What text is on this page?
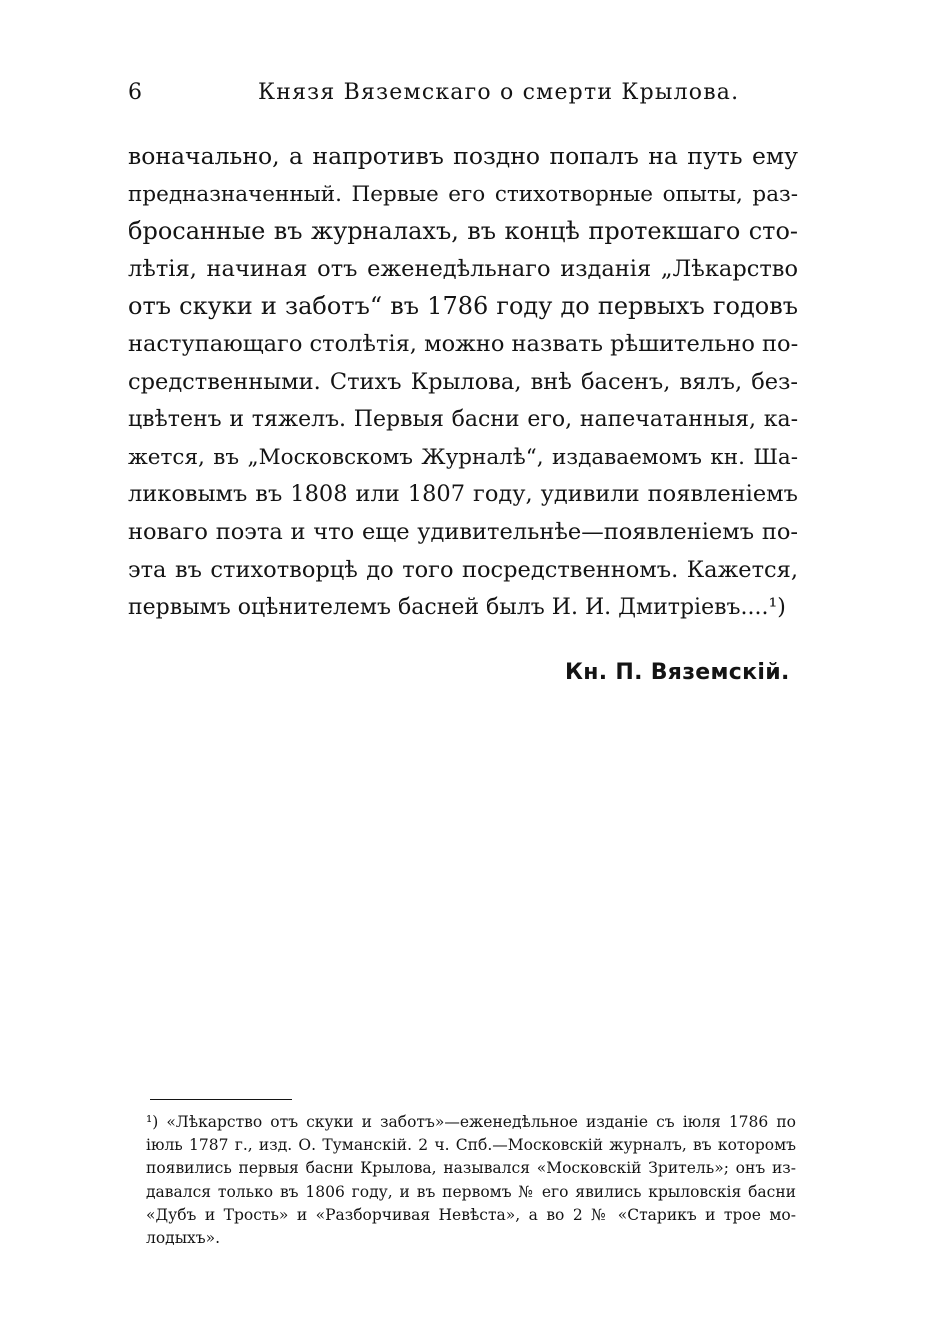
6	Князя Вяземскаго о смерти Крылова.
воначально, а напротивъ поздно попалъ на путь ему
предназначенный. Первые его стихотворные опыты, раз-
бросанные въ журналахъ, въ концѣ протекшаго сто-
лѣтія, начиная отъ еженедѣльнаго изданія „Лѣкарство
отъ скуки и заботъ“ въ 1786 году до первыхъ годовъ
наступающаго столѣтія, можно назвать рѣшительно по-
средственными. Стихъ Крылова, внѣ басенъ, вялъ, без-
цвѣтенъ и тяжелъ. Первыя басни его, напечатанныя, ка-
жется, въ „Московскомъ Журналѣ“, издаваемомъ кн. Ша-
ликовымъ въ 1808 или 1807 году, удивили появленіемъ
новаго поэта и что еще удивительнѣе—появленіемъ по-
эта въ стихотворцѣ до того посредственномъ. Кажется,
первымъ оцѣнителемъ басней былъ И. И. Дмитріевъ....¹)
Кн. П. Вяземскій.
¹) «Лѣкарство отъ скуки и заботъ»—еженедѣльное изданіе съ іюля 1786 по
іюль 1787 г., изд. О. Туманскій. 2 ч. Спб.—Московскій журналъ, въ которомъ
появились первыя басни Крылова, назывался «Московскій Зритель»; онъ из-
давался только въ 1806 году, и въ первомъ № его явились крыловскія басни
«Дубъ и Трость» и «Разборчивая Невѣста», а во 2 № «Старикъ и трое мо-
лодыхъ».
